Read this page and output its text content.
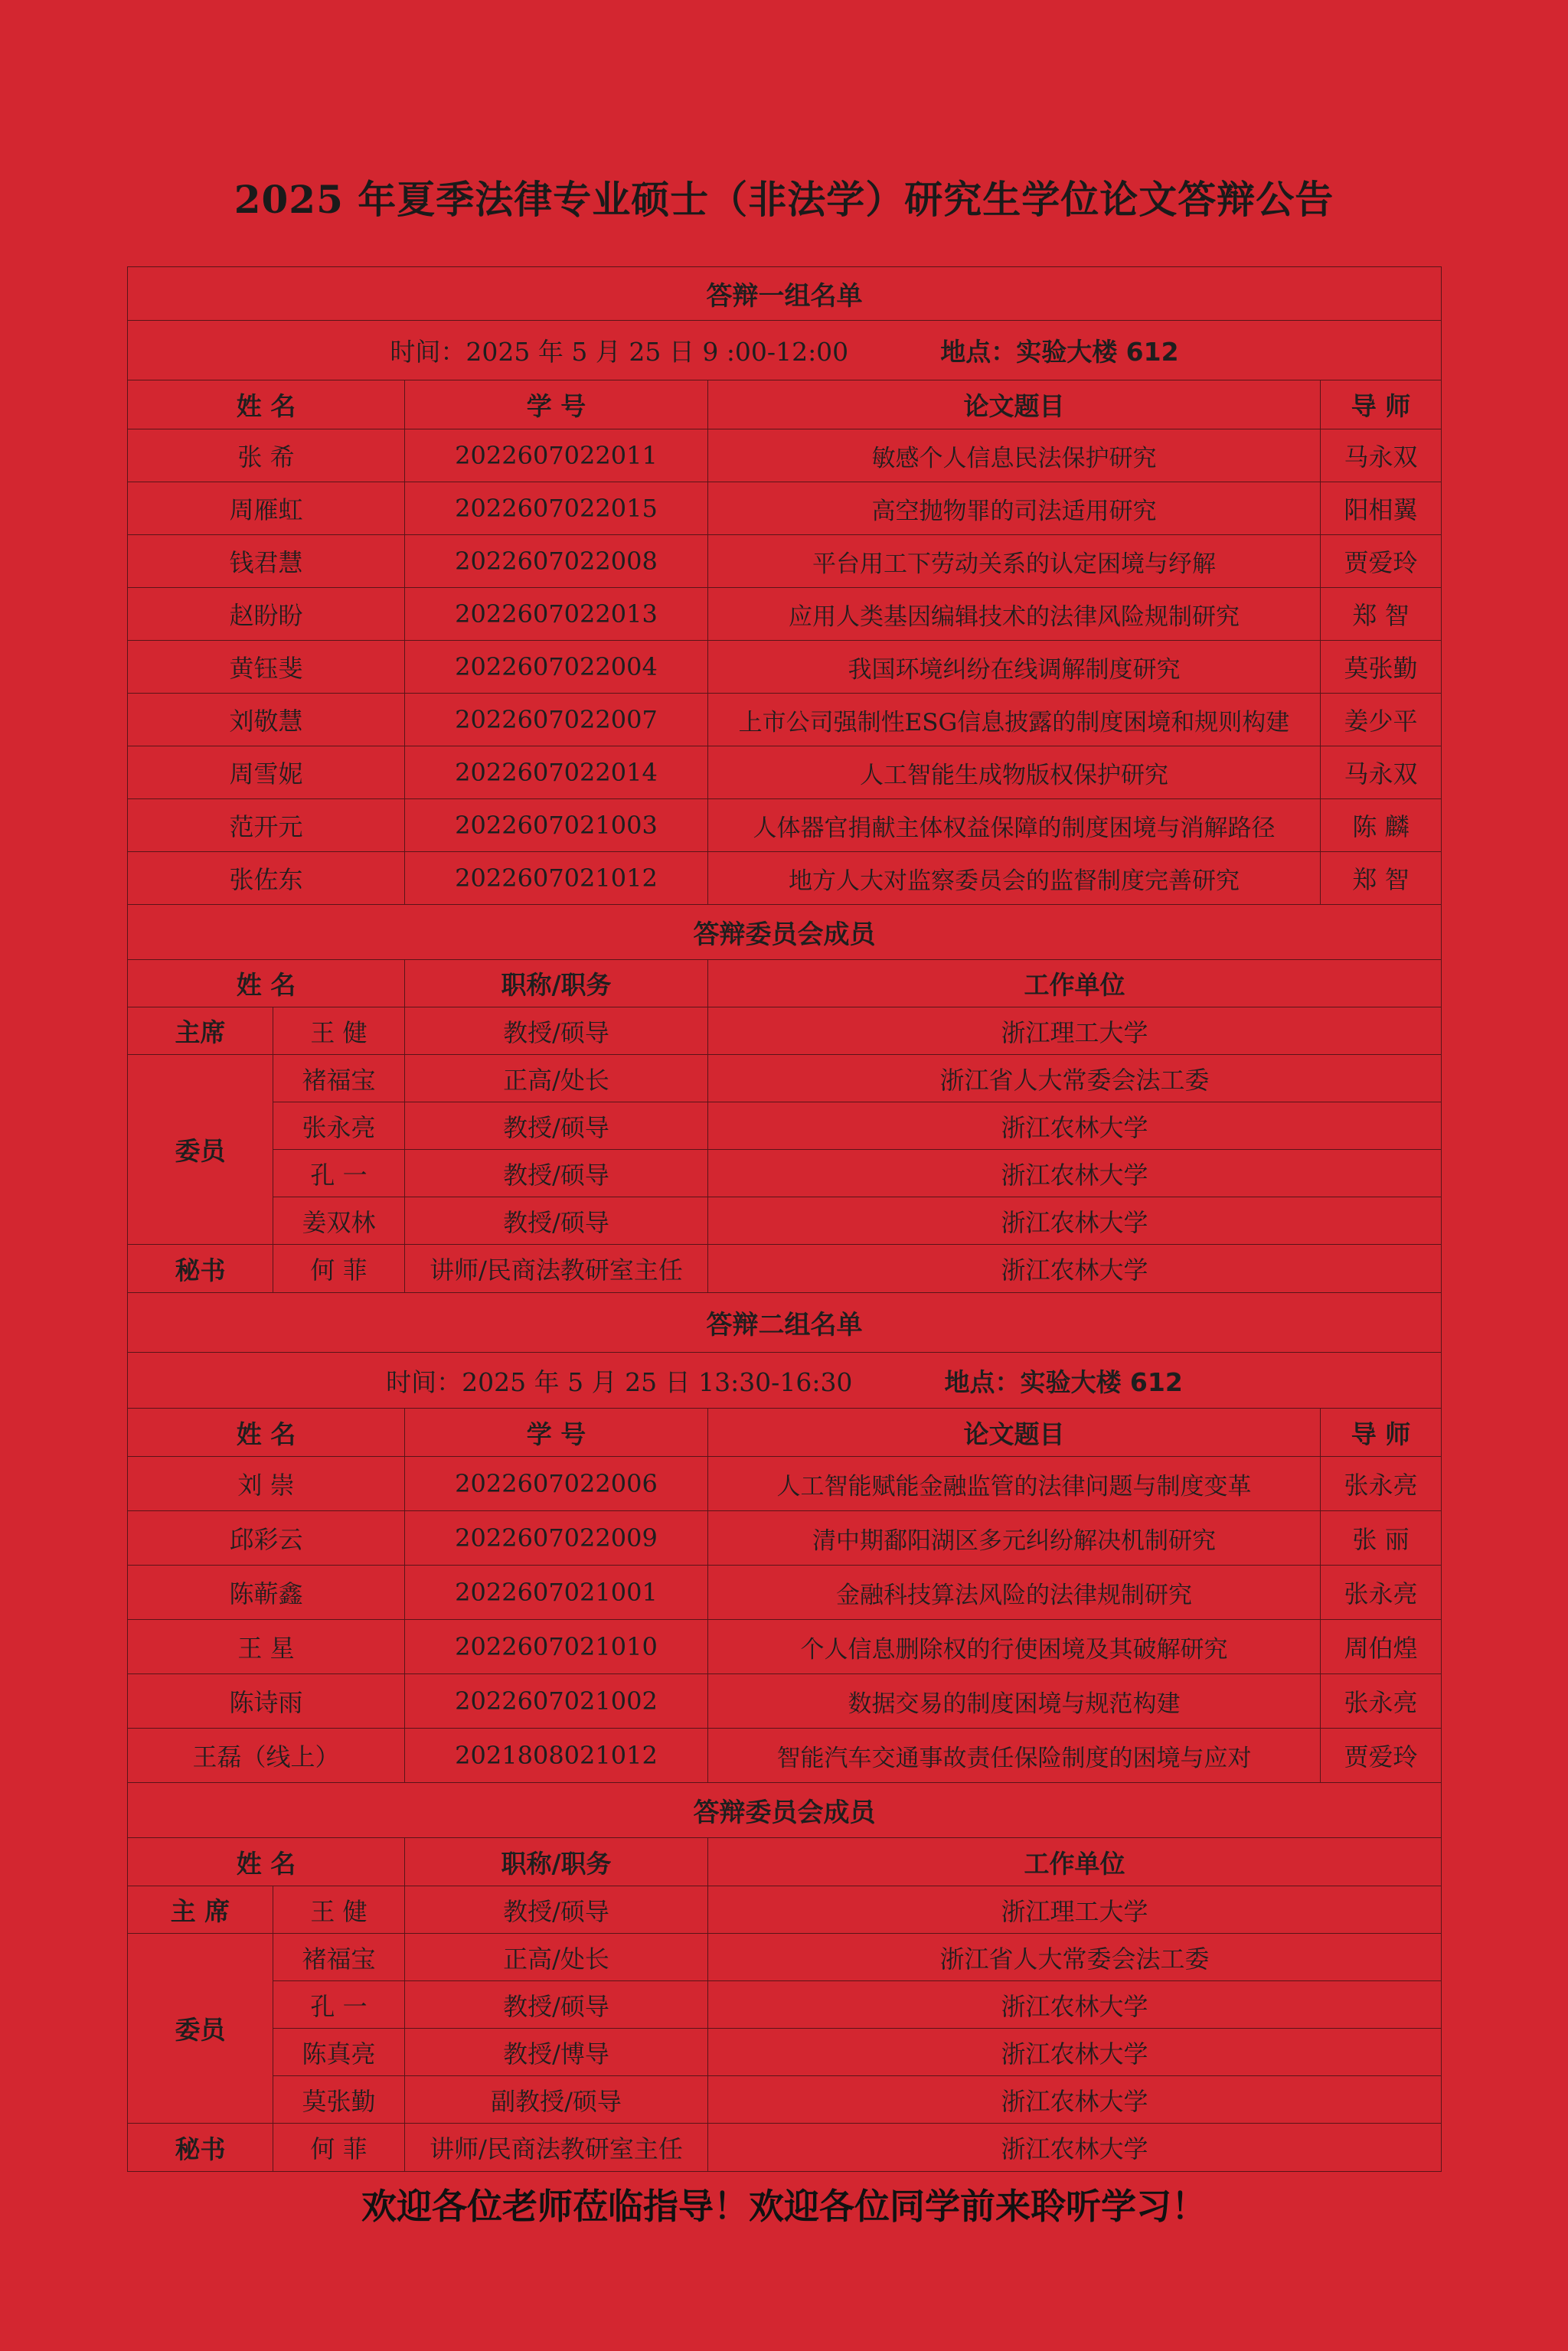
2025 年夏季法律专业硕士（非法学）研究生学位论文答辩公告
答辩一组名单				
时间：2025 年 5 月 25 日 9 :00-12:00 地点：实验大楼 612				
姓 名		学 号	论文题目	导 师
张 希		2022607022011	敏感个人信息民法保护研究	马永双
周雁虹		2022607022015	高空抛物罪的司法适用研究	阳相翼
钱君慧		2022607022008	平台用工下劳动关系的认定困境与纾解	贾爱玲
赵盼盼		2022607022013	应用人类基因编辑技术的法律风险规制研究	郑 智
黄钰斐		2022607022004	我国环境纠纷在线调解制度研究	莫张勤
刘敬慧		2022607022007	上市公司强制性ESG信息披露的制度困境和规则构建	姜少平
周雪妮		2022607022014	人工智能生成物版权保护研究	马永双
范开元		2022607021003	人体器官捐献主体权益保障的制度困境与消解路径	陈 麟
张佐东		2022607021012	地方人大对监察委员会的监督制度完善研究	郑 智
答辩委员会成员				
姓 名		职称/职务	工作单位	
主席	王 健	教授/硕导	浙江理工大学	
委员	褚福宝	正高/处长	浙江省人大常委会法工委	
	张永亮	教授/硕导	浙江农林大学	
	孔 一	教授/硕导	浙江农林大学	
	姜双林	教授/硕导	浙江农林大学	
秘书	何 菲	讲师/民商法教研室主任	浙江农林大学	
答辩二组名单				
时间：2025 年 5 月 25 日 13:30-16:30 地点：实验大楼 612				
姓 名		学 号	论文题目	导 师
刘 崇		2022607022006	人工智能赋能金融监管的法律问题与制度变革	张永亮
邱彩云		2022607022009	清中期鄱阳湖区多元纠纷解决机制研究	张 丽
陈蕲鑫		2022607021001	金融科技算法风险的法律规制研究	张永亮
王 星		2022607021010	个人信息删除权的行使困境及其破解研究	周伯煌
陈诗雨		2022607021002	数据交易的制度困境与规范构建	张永亮
王磊（线上）		2021808021012	智能汽车交通事故责任保险制度的困境与应对	贾爱玲
答辩委员会成员				
姓 名		职称/职务	工作单位	
主 席	王 健	教授/硕导	浙江理工大学	
委员	褚福宝	正高/处长	浙江省人大常委会法工委	
	孔 一	教授/硕导	浙江农林大学	
	陈真亮	教授/博导	浙江农林大学	
	莫张勤	副教授/硕导	浙江农林大学	
秘书	何 菲	讲师/民商法教研室主任	浙江农林大学	
欢迎各位老师莅临指导！欢迎各位同学前来聆听学习！
